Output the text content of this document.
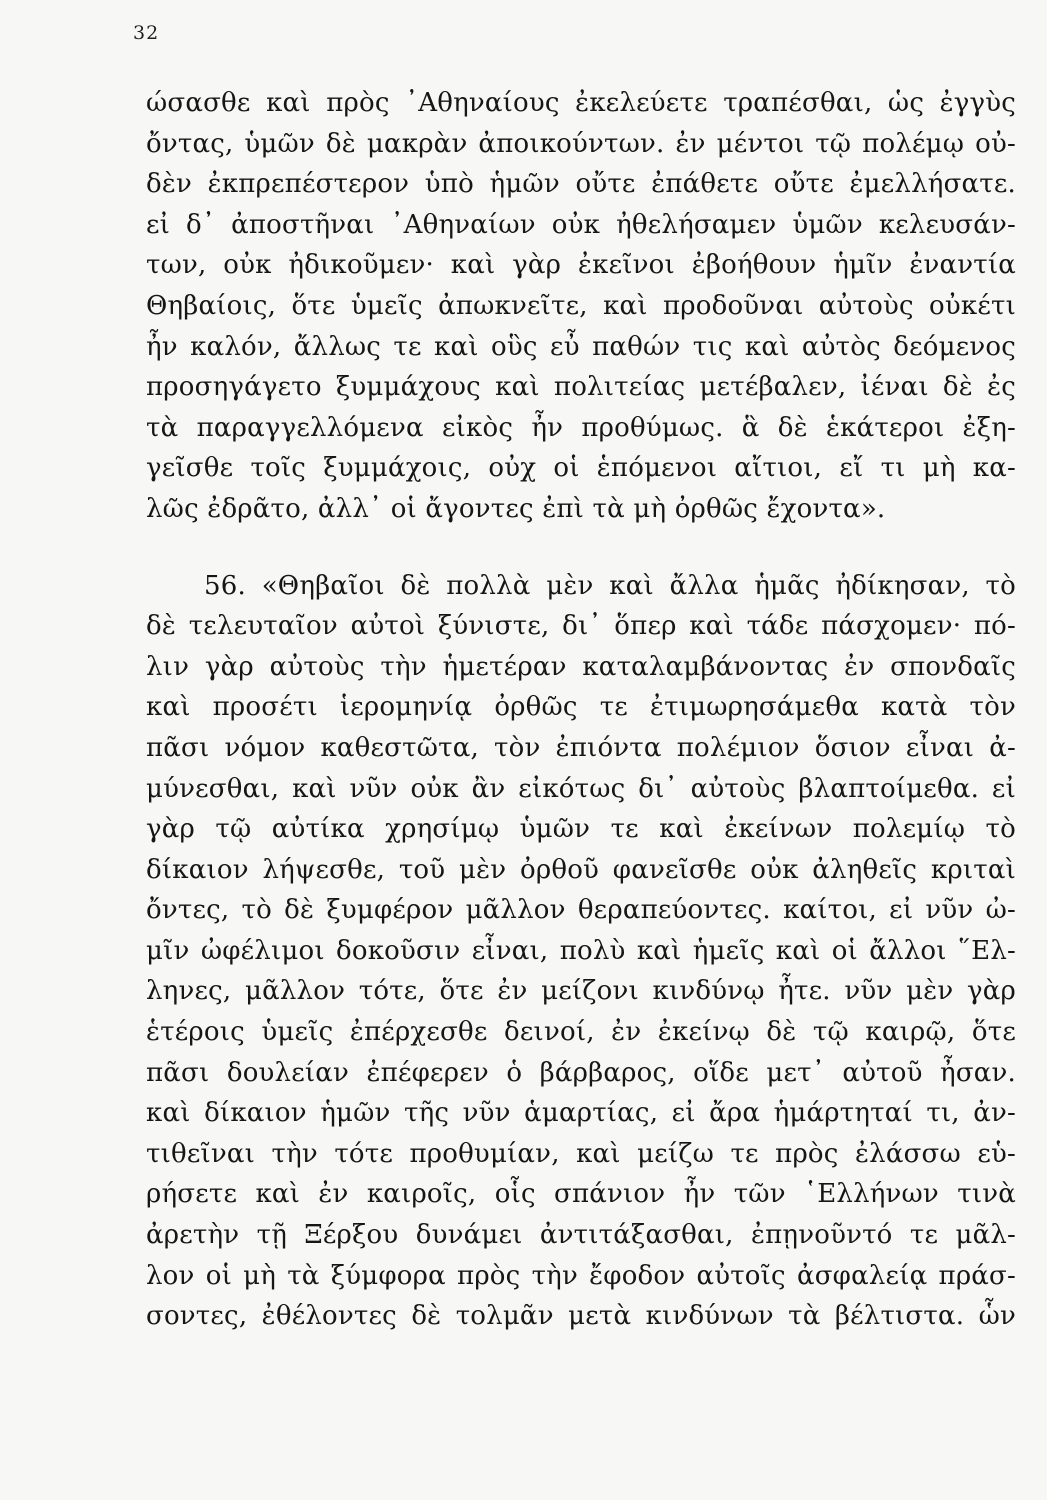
32
ώσασθε καὶ πρὸς ᾿Αθηναίους ἐκελεύετε τραπέσθαι, ὡς ἐγγὺς
ὄντας, ὑμῶν δὲ μακρὰν ἀποικούντων. ἐν μέντοι τῷ πολέμῳ οὐ-
δὲν ἐκπρεπέστερον ὑπὸ ἡμῶν οὔτε ἐπάθετε οὔτε ἐμελλήσατε.
εἰ δ᾿ ἀποστῆναι ᾿Αθηναίων οὐκ ἠθελήσαμεν ὑμῶν κελευσάν-
των, οὐκ ἠδικοῦμεν· καὶ γὰρ ἐκεῖνοι ἐβοήθουν ἡμῖν ἐναντία
Θηβαίοις, ὅτε ὑμεῖς ἀπωκνεῖτε, καὶ προδοῦναι αὐτοὺς οὐκέτι
ἦν καλόν, ἄλλως τε καὶ οὓς εὖ παθών τις καὶ αὐτὸς δεόμενος
προσηγάγετο ξυμμάχους καὶ πολιτείας μετέβαλεν, ἰέναι δὲ ἐς
τὰ παραγγελλόμενα εἰκὸς ἦν προθύμως. ἃ δὲ ἑκάτεροι ἐξη-
γεῖσθε τοῖς ξυμμάχοις, οὐχ οἱ ἑπόμενοι αἴτιοι, εἴ τι μὴ κα-
λῶς ἐδρᾶτο, ἀλλ᾿ οἱ ἄγοντες ἐπὶ τὰ μὴ ὀρθῶς ἔχοντα».
56. «Θηβαῖοι δὲ πολλὰ μὲν καὶ ἄλλα ἡμᾶς ἠδίκησαν, τὸ
δὲ τελευταῖον αὐτοὶ ξύνιστε, δι᾿ ὅπερ καὶ τάδε πάσχομεν· πό-
λιν γὰρ αὐτοὺς τὴν ἡμετέραν καταλαμβάνοντας ἐν σπονδαῖς
καὶ προσέτι ἱερομηνίᾳ ὀρθῶς τε ἐτιμωρησάμεθα κατὰ τὸν
πᾶσι νόμον καθεστῶτα, τὸν ἐπιόντα πολέμιον ὅσιον εἶναι ἀ-
μύνεσθαι, καὶ νῦν οὐκ ἂν εἰκότως δι᾿ αὐτοὺς βλαπτοίμεθα. εἰ
γὰρ τῷ αὐτίκα χρησίμῳ ὑμῶν τε καὶ ἐκείνων πολεμίῳ τὸ
δίκαιον λήψεσθε, τοῦ μὲν ὀρθοῦ φανεῖσθε οὐκ ἀληθεῖς κριταὶ
ὄντες, τὸ δὲ ξυμφέρον μᾶλλον θεραπεύοντες. καίτοι, εἰ νῦν ὠ-
μῖν ὠφέλιμοι δοκοῦσιν εἶναι, πολὺ καὶ ἡμεῖς καὶ οἱ ἄλλοι ῞Ελ-
ληνες, μᾶλλον τότε, ὅτε ἐν μείζονι κινδύνῳ ἦτε. νῦν μὲν γὰρ
ἑτέροις ὑμεῖς ἐπέρχεσθε δεινοί, ἐν ἐκείνῳ δὲ τῷ καιρῷ, ὅτε
πᾶσι δουλείαν ἐπέφερεν ὁ βάρβαρος, οἵδε μετ᾿ αὐτοῦ ἦσαν.
καὶ δίκαιον ἡμῶν τῆς νῦν ἁμαρτίας, εἰ ἄρα ἡμάρτηταί τι, ἀν-
τιθεῖναι τὴν τότε προθυμίαν, καὶ μείζω τε πρὸς ἐλάσσω εὑ-
ρήσετε καὶ ἐν καιροῖς, οἷς σπάνιον ἦν τῶν ῾Ελλήνων τινὰ
ἀρετὴν τῇ Ξέρξου δυνάμει ἀντιτάξασθαι, ἐπῃνοῦντό τε μᾶλ-
λον οἱ μὴ τὰ ξύμφορα πρὸς τὴν ἔφοδον αὐτοῖς ἀσφαλείᾳ πράσ-
σοντες, ἐθέλοντες δὲ τολμᾶν μετὰ κινδύνων τὰ βέλτιστα. ὧν
